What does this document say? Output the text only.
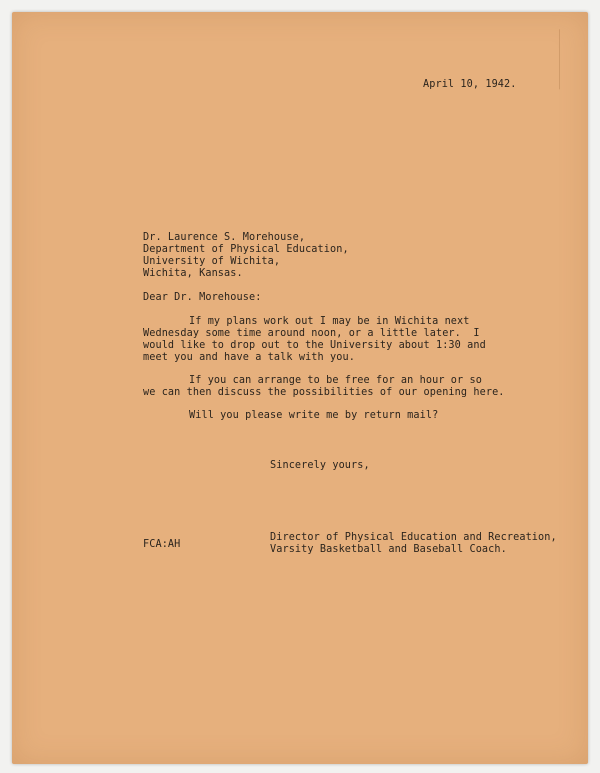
April 10, 1942.
Dr. Laurence S. Morehouse,
Department of Physical Education,
University of Wichita,
Wichita, Kansas.
Dear Dr. Morehouse:
If my plans work out I may be in Wichita next
Wednesday some time around noon, or a little later.  I
would like to drop out to the University about 1:30 and
meet you and have a talk with you.
If you can arrange to be free for an hour or so
we can then discuss the possibilities of our opening here.
Will you please write me by return mail?
Sincerely yours,
FCA:AH
Director of Physical Education and Recreation,
Varsity Basketball and Baseball Coach.
